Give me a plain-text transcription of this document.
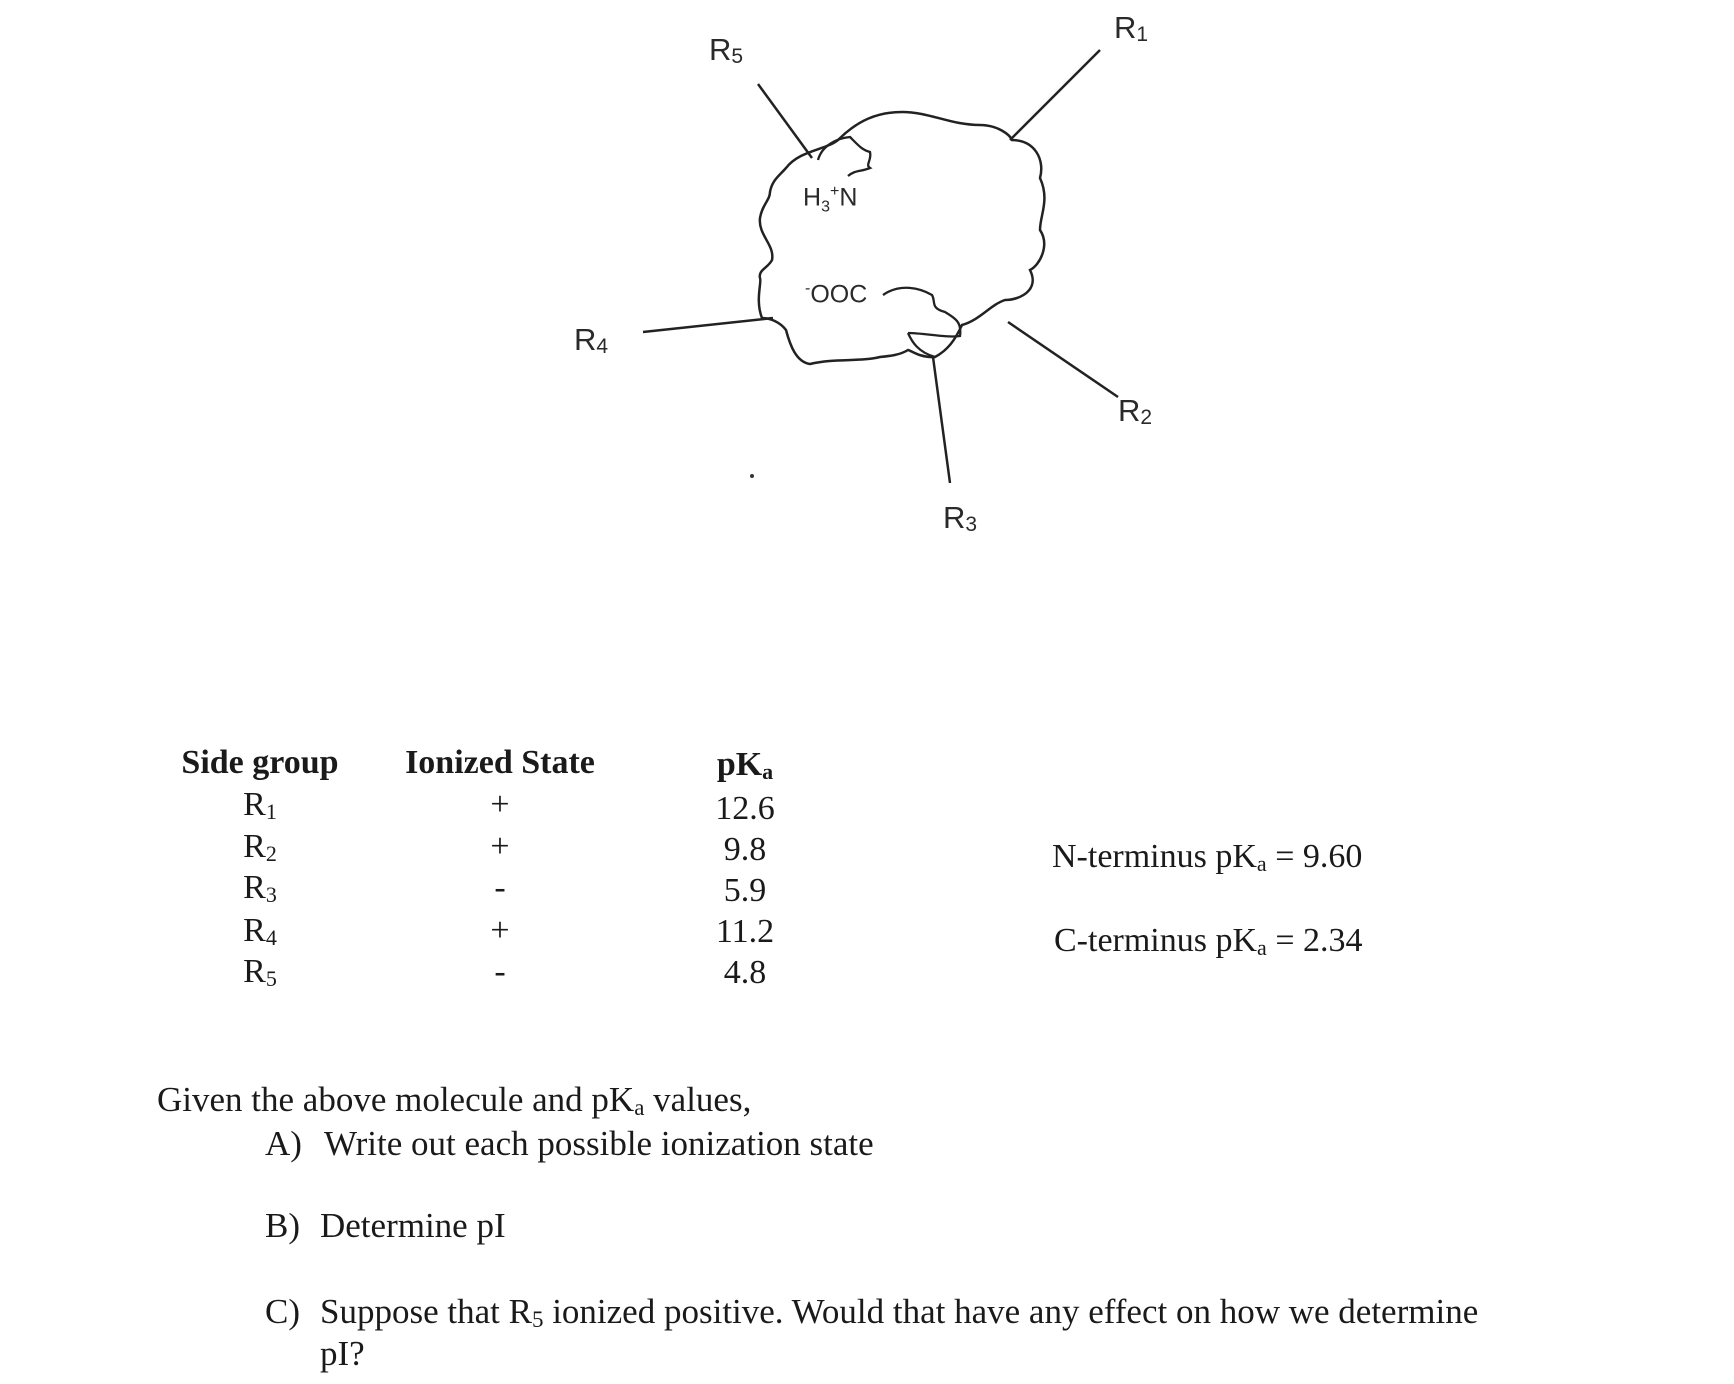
$R_1$
$R_5$
$R_4$
$R_2$
$R_3$
$H_3^+N$
-OOC
Side group	Ionized State	$pK_a$
$R_1$	+	12.6
$R_2$	+	9.8
$R_3$	-	5.9
$R_4$	+	11.2
$R_5$	-	4.8
N-terminus $pK_a = 9.60$
C-terminus $pK_a = 2.34$
Given the above molecule and $pK_a$ values,
A) Write out each possible ionization state
B) Determine pI
C) Suppose that $R_5$ ionized positive. Would that have any effect on how we determine
pI?
